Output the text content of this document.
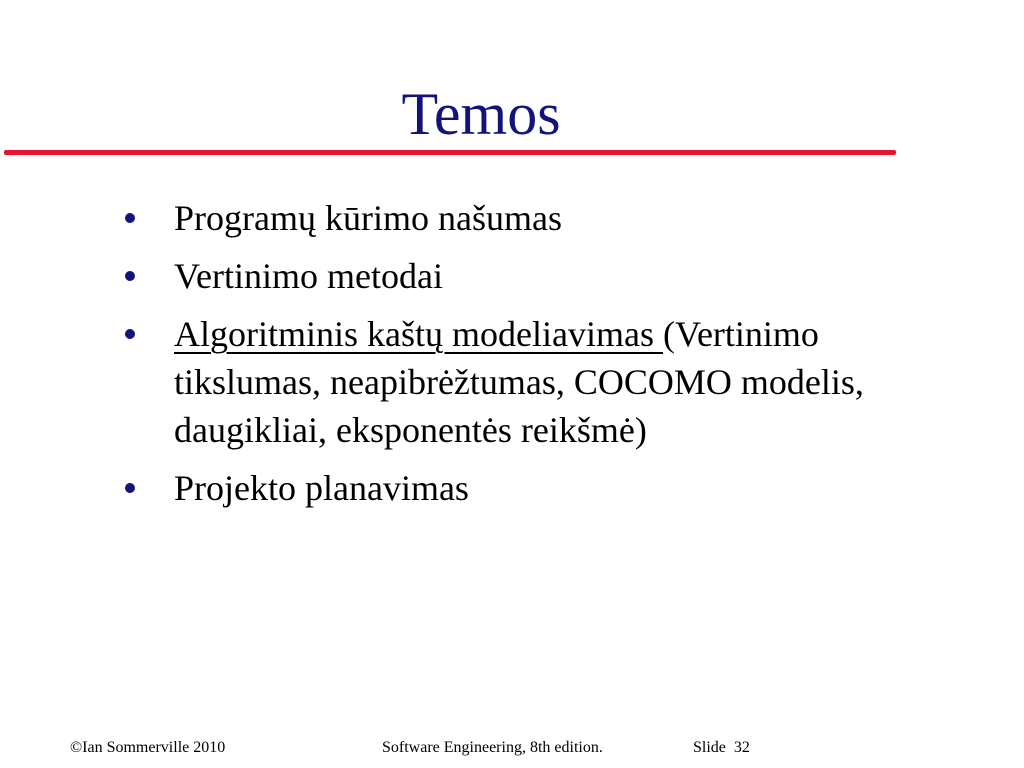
Temos
Programų kūrimo našumas
Vertinimo metodai
Algoritminis kaštų modeliavimas (Vertinimo tikslumas, neapibrėžtumas, COCOMO modelis, daugikliai, eksponentės reikšmė)
Projekto planavimas
©Ian Sommerville 2010	Software Engineering, 8th edition.	Slide 32
